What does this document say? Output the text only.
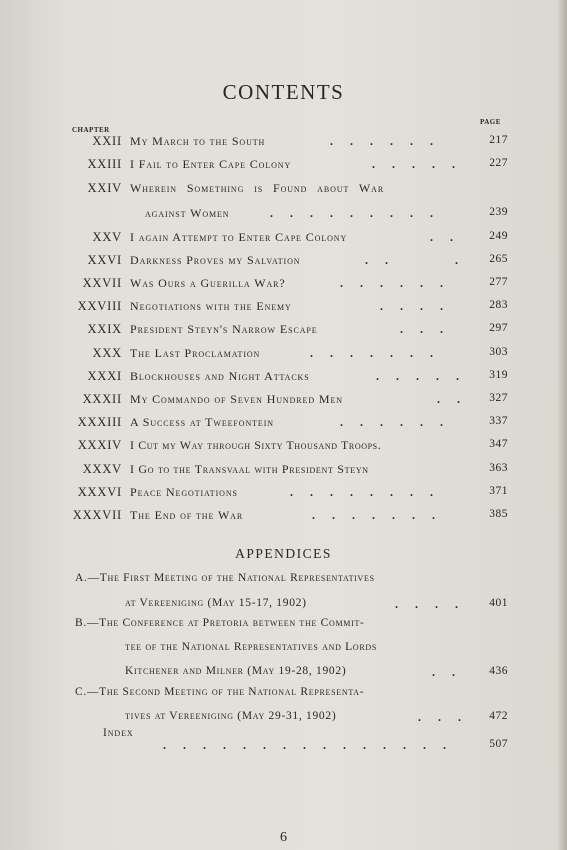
CONTENTS
PAGE
CHAPTER
XXII My March to the South	. . . . . .	217
XXIII I Fail to Enter Cape Colony	. . . . .	227
XXIV Wherein Something is Found about War
against Women	. . . . . . . . .	239
XXV I again Attempt to Enter Cape Colony	. .	249
XXVI Darkness Proves my Salvation	. .	.	265
XXVII Was Ours a Guerilla War?	. . . . . .	277
XXVIII Negotiations with the Enemy	. . . .	283
XXIX President Steyn's Narrow Escape	. . .	297
XXX The Last Proclamation	. . . . . . .	303
XXXI Blockhouses and Night Attacks	. . . . .	319
XXXII My Commando of Seven Hundred Men	. .	327
XXXIII A Success at Tweefontein	. . . . . .	337
XXXIV I Cut my Way through Sixty Thousand Troops.	347
XXXV I Go to the Transvaal with President Steyn	363
XXXVI Peace Negotiations	. . . . . . . .	371
XXXVII The End of the War	. . . . . . .	385
APPENDICES
A.—The First Meeting of the National Representatives
at Vereeniging (May 15-17, 1902)	. . . .	401
B.—The Conference at Pretoria between the Commit-
tee of the National Representatives and Lords
Kitchener and Milner (May 19-28, 1902)	. .	436
C.—The Second Meeting of the National Representa-
tives at Vereeniging (May 29-31, 1902)	. . .	472
Index
. . . . . . . . . . . . . . .	507
6
